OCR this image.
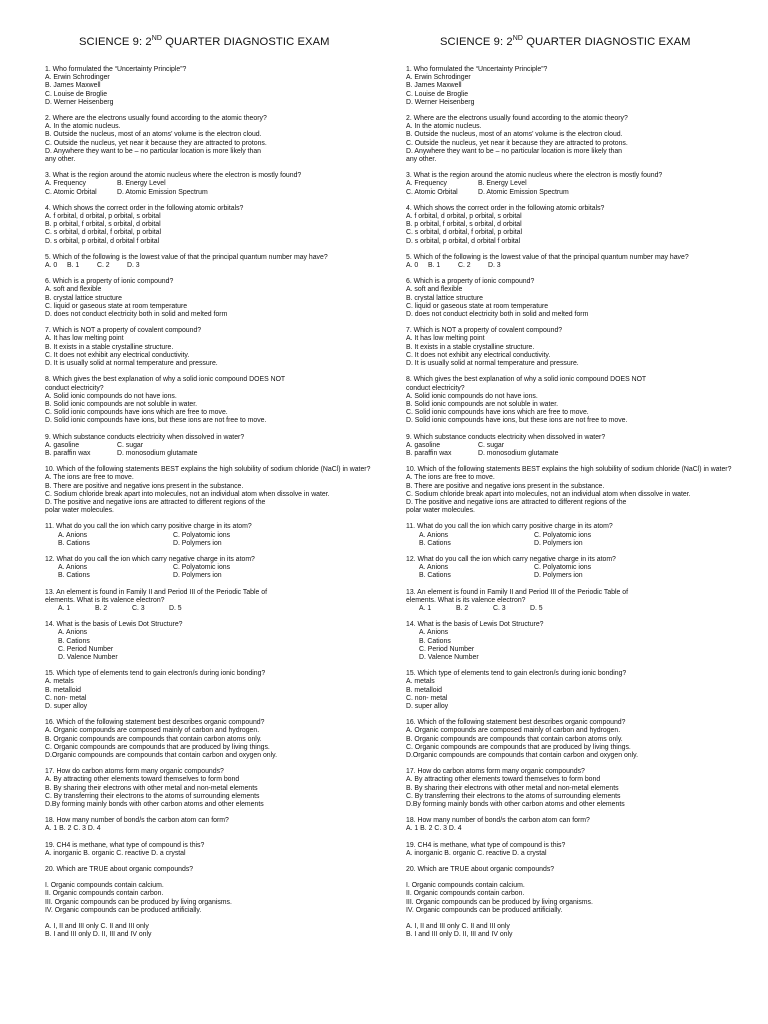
SCIENCE 9: 2ND QUARTER DIAGNOSTIC EXAM
1. Who formulated the “Uncertainty Principle”?
A. Erwin Schrodinger
B. James Maxwell
C. Louise de Broglie
D. Werner Heisenberg
2. Where are the electrons usually found according to the atomic theory?
A. In the atomic nucleus.
B. Outside the nucleus, most of an atoms’ volume is the electron cloud.
C. Outside the nucleus, yet near it because they are attracted to protons.
D. Anywhere they want to be – no particular location is more likely than
any other.
3. What is the region around the atomic nucleus where the electron is mostly found?
A. Frequency	B. Energy Level
C. Atomic Orbital	D. Atomic Emission Spectrum
4. Which shows the correct order in the following atomic orbitals?
A. f orbital, d orbital, p orbital, s orbital
B. p orbital, f orbital, s orbital, d orbital
C. s orbital, d orbital, f orbital, p orbital
D. s orbital, p orbital, d orbital f orbital
5. Which of the following is the lowest value of that the principal quantum number may have?
A. 0 B. 1	C. 2	D. 3
6. Which is a property of ionic compound?
A. soft and flexible
B. crystal lattice structure
C. liquid or gaseous state at room temperature
D. does not conduct electricity both in solid and melted form
7. Which is NOT a property of covalent compound?
A. It has low melting point
B. It exists in a stable crystalline structure.
C. It does not exhibit any electrical conductivity.
D. It is usually solid at normal temperature and pressure.
8. Which gives the best explanation of why a solid ionic compound DOES NOT
conduct electricity?
A. Solid ionic compounds do not have ions.
B. Solid ionic compounds are not soluble in water.
C. Solid ionic compounds have ions which are free to move.
D. Solid ionic compounds have ions, but these ions are not free to move.
9. Which substance conducts electricity when dissolved in water?
A. gasoline	C. sugar
B. paraffin wax	D. monosodium glutamate
10. Which of the following statements BEST explains the high solubility of sodium chloride (NaCl) in water?
A. The ions are free to move.
B. There are positive and negative ions present in the substance.
C. Sodium chloride break apart into molecules, not an individual atom when dissolve in water.
D. The positive and negative ions are attracted to different regions of the
polar water molecules.
11. What do you call the ion which carry positive charge in its atom?
A. Anions	C. Polyatomic ions
B. Cations	D. Polymers ion
12. What do you call the ion which carry negative charge in its atom?
A. Anions	C. Polyatomic ions
B. Cations	D. Polymers ion
13. An element is found in Family II and Period III of the Periodic Table of
elements. What is its valence electron?
A. 1	B. 2	C. 3	D. 5
14. What is the basis of Lewis Dot Structure?
A. Anions
B. Cations
C. Period Number
D. Valence Number
15. Which type of elements tend to gain electron/s during ionic bonding?
A. metals
B. metalloid
C. non- metal
D. super alloy
16. Which of the following statement best describes organic compound?
A. Organic compounds are composed mainly of carbon and hydrogen.
B. Organic compounds are compounds that contain carbon atoms only.
C. Organic compounds are compounds that are produced by living things.
D.Organic compounds are compounds that contain carbon and oxygen only.
17. How do carbon atoms form many organic compounds?
A. By attracting other elements toward themselves to form bond
B. By sharing their electrons with other metal and non-metal elements
C. By transferring their electrons to the atoms of surrounding elements
D.By forming mainly bonds with other carbon atoms and other elements
18. How many number of bond/s the carbon atom can form?
A. 1 B. 2 C. 3 D. 4
19. CH4 is methane, what type of compound is this?
A. inorganic B. organic C. reactive D. a crystal
20. Which are TRUE about organic compounds?
I. Organic compounds contain calcium.
II. Organic compounds contain carbon.
III. Organic compounds can be produced by living organisms.
IV. Organic compounds can be produced artificially.
A. I, II and III only C. II and III only
B. I and III only D. II, III and IV only
SCIENCE 9: 2ND QUARTER DIAGNOSTIC EXAM
1. Who formulated the “Uncertainty Principle”?
A. Erwin Schrodinger
B. James Maxwell
C. Louise de Broglie
D. Werner Heisenberg
2. Where are the electrons usually found according to the atomic theory?
A. In the atomic nucleus.
B. Outside the nucleus, most of an atoms’ volume is the electron cloud.
C. Outside the nucleus, yet near it because they are attracted to protons.
D. Anywhere they want to be – no particular location is more likely than
any other.
3. What is the region around the atomic nucleus where the electron is mostly found?
A. Frequency	B. Energy Level
C. Atomic Orbital	D. Atomic Emission Spectrum
4. Which shows the correct order in the following atomic orbitals?
A. f orbital, d orbital, p orbital, s orbital
B. p orbital, f orbital, s orbital, d orbital
C. s orbital, d orbital, f orbital, p orbital
D. s orbital, p orbital, d orbital f orbital
5. Which of the following is the lowest value of that the principal quantum number may have?
A. 0 B. 1	C. 2	D. 3
6. Which is a property of ionic compound?
A. soft and flexible
B. crystal lattice structure
C. liquid or gaseous state at room temperature
D. does not conduct electricity both in solid and melted form
7. Which is NOT a property of covalent compound?
A. It has low melting point
B. It exists in a stable crystalline structure.
C. It does not exhibit any electrical conductivity.
D. It is usually solid at normal temperature and pressure.
8. Which gives the best explanation of why a solid ionic compound DOES NOT
conduct electricity?
A. Solid ionic compounds do not have ions.
B. Solid ionic compounds are not soluble in water.
C. Solid ionic compounds have ions which are free to move.
D. Solid ionic compounds have ions, but these ions are not free to move.
9. Which substance conducts electricity when dissolved in water?
A. gasoline	C. sugar
B. paraffin wax	D. monosodium glutamate
10. Which of the following statements BEST explains the high solubility of sodium chloride (NaCl) in water?
A. The ions are free to move.
B. There are positive and negative ions present in the substance.
C. Sodium chloride break apart into molecules, not an individual atom when dissolve in water.
D. The positive and negative ions are attracted to different regions of the
polar water molecules.
11. What do you call the ion which carry positive charge in its atom?
A. Anions	C. Polyatomic ions
B. Cations	D. Polymers ion
12. What do you call the ion which carry negative charge in its atom?
A. Anions	C. Polyatomic ions
B. Cations	D. Polymers ion
13. An element is found in Family II and Period III of the Periodic Table of
elements. What is its valence electron?
A. 1	B. 2	C. 3	D. 5
14. What is the basis of Lewis Dot Structure?
A. Anions
B. Cations
C. Period Number
D. Valence Number
15. Which type of elements tend to gain electron/s during ionic bonding?
A. metals
B. metalloid
C. non- metal
D. super alloy
16. Which of the following statement best describes organic compound?
A. Organic compounds are composed mainly of carbon and hydrogen.
B. Organic compounds are compounds that contain carbon atoms only.
C. Organic compounds are compounds that are produced by living things.
D.Organic compounds are compounds that contain carbon and oxygen only.
17. How do carbon atoms form many organic compounds?
A. By attracting other elements toward themselves to form bond
B. By sharing their electrons with other metal and non-metal elements
C. By transferring their electrons to the atoms of surrounding elements
D.By forming mainly bonds with other carbon atoms and other elements
18. How many number of bond/s the carbon atom can form?
A. 1 B. 2 C. 3 D. 4
19. CH4 is methane, what type of compound is this?
A. inorganic B. organic C. reactive D. a crystal
20. Which are TRUE about organic compounds?
I. Organic compounds contain calcium.
II. Organic compounds contain carbon.
III. Organic compounds can be produced by living organisms.
IV. Organic compounds can be produced artificially.
A. I, II and III only C. II and III only
B. I and III only D. II, III and IV only
